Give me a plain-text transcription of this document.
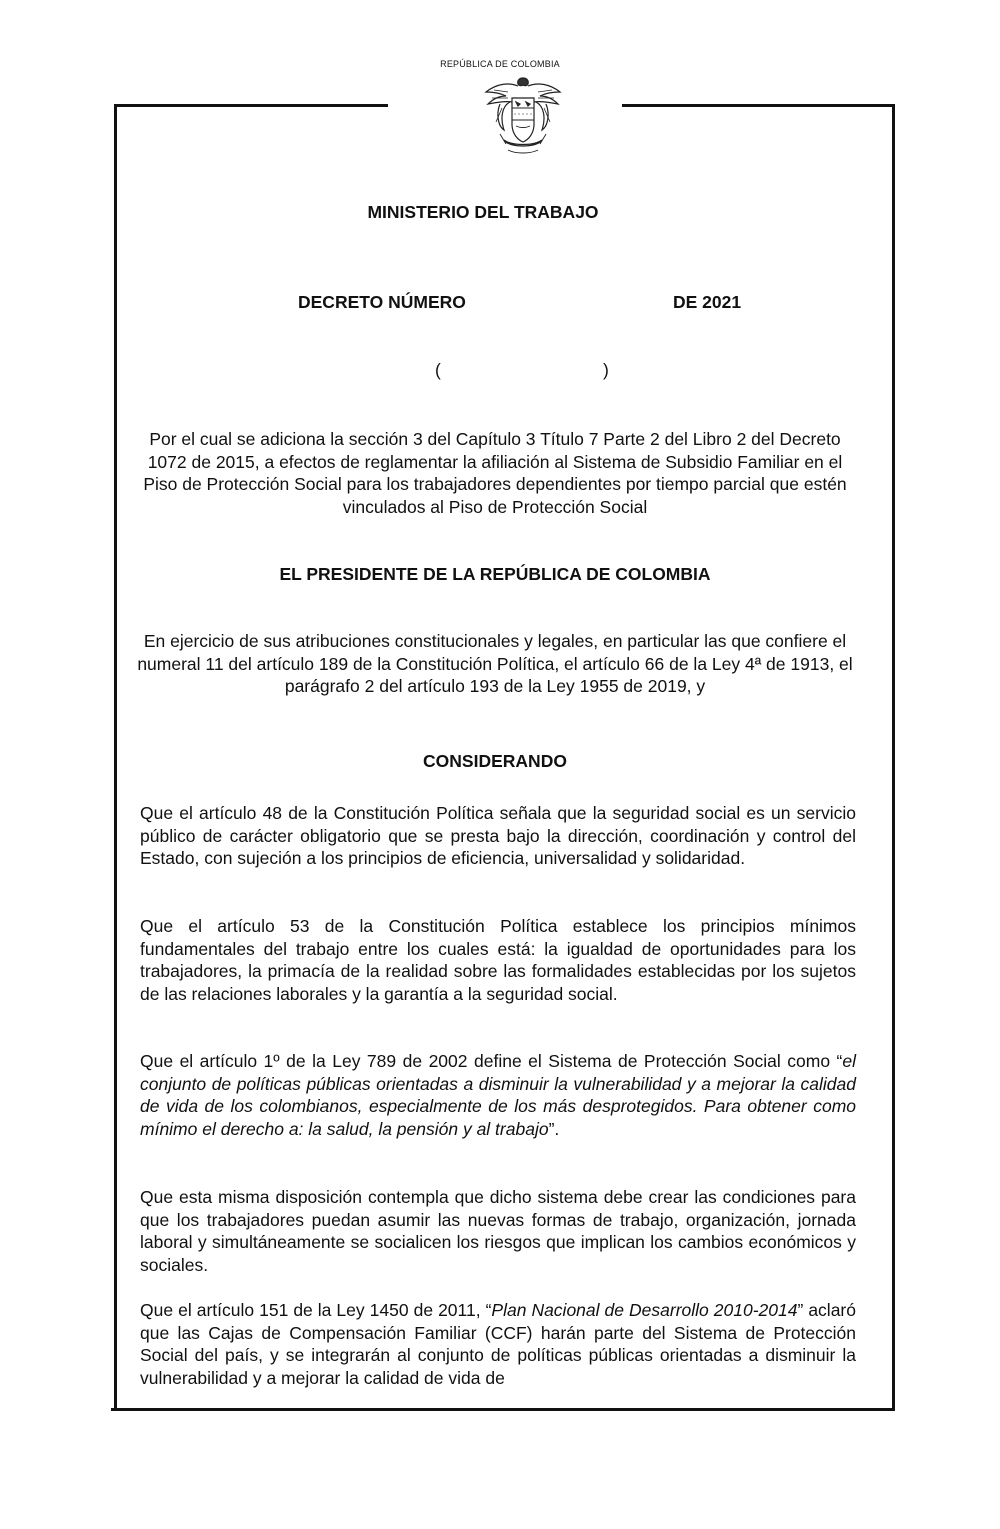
REPÚBLICA DE COLOMBIA
MINISTERIO DEL TRABAJO
DECRETO NÚMERO	DE 2021
(	)
Por el cual se adiciona la sección 3 del Capítulo 3 Título 7 Parte 2 del Libro 2 del Decreto 1072 de 2015, a efectos de reglamentar la afiliación al Sistema de Subsidio Familiar en el Piso de Protección Social para los trabajadores dependientes por tiempo parcial que estén vinculados al Piso de Protección Social
EL PRESIDENTE DE LA REPÚBLICA DE COLOMBIA
En ejercicio de sus atribuciones constitucionales y legales, en particular las que confiere el numeral 11 del artículo 189 de la Constitución Política, el artículo 66 de la Ley 4ª de 1913, el parágrafo 2 del artículo 193 de la Ley 1955 de 2019, y
CONSIDERANDO
Que el artículo 48 de la Constitución Política señala que la seguridad social es un servicio público de carácter obligatorio que se presta bajo la dirección, coordinación y control del Estado, con sujeción a los principios de eficiencia, universalidad y solidaridad.
Que el artículo 53 de la Constitución Política establece los principios mínimos fundamentales del trabajo entre los cuales está: la igualdad de oportunidades para los trabajadores, la primacía de la realidad sobre las formalidades establecidas por los sujetos de las relaciones laborales y la garantía a la seguridad social.
Que el artículo 1º de la Ley 789 de 2002 define el Sistema de Protección Social como “el conjunto de políticas públicas orientadas a disminuir la vulnerabilidad y a mejorar la calidad de vida de los colombianos, especialmente de los más desprotegidos. Para obtener como mínimo el derecho a: la salud, la pensión y al trabajo”.
Que esta misma disposición contempla que dicho sistema debe crear las condiciones para que los trabajadores puedan asumir las nuevas formas de trabajo, organización, jornada laboral y simultáneamente se socialicen los riesgos que implican los cambios económicos y sociales.
Que el artículo 151 de la Ley 1450 de 2011, “Plan Nacional de Desarrollo 2010-2014” aclaró que las Cajas de Compensación Familiar (CCF) harán parte del Sistema de Protección Social del país, y se integrarán al conjunto de políticas públicas orientadas a disminuir la vulnerabilidad y a mejorar la calidad de vida de
